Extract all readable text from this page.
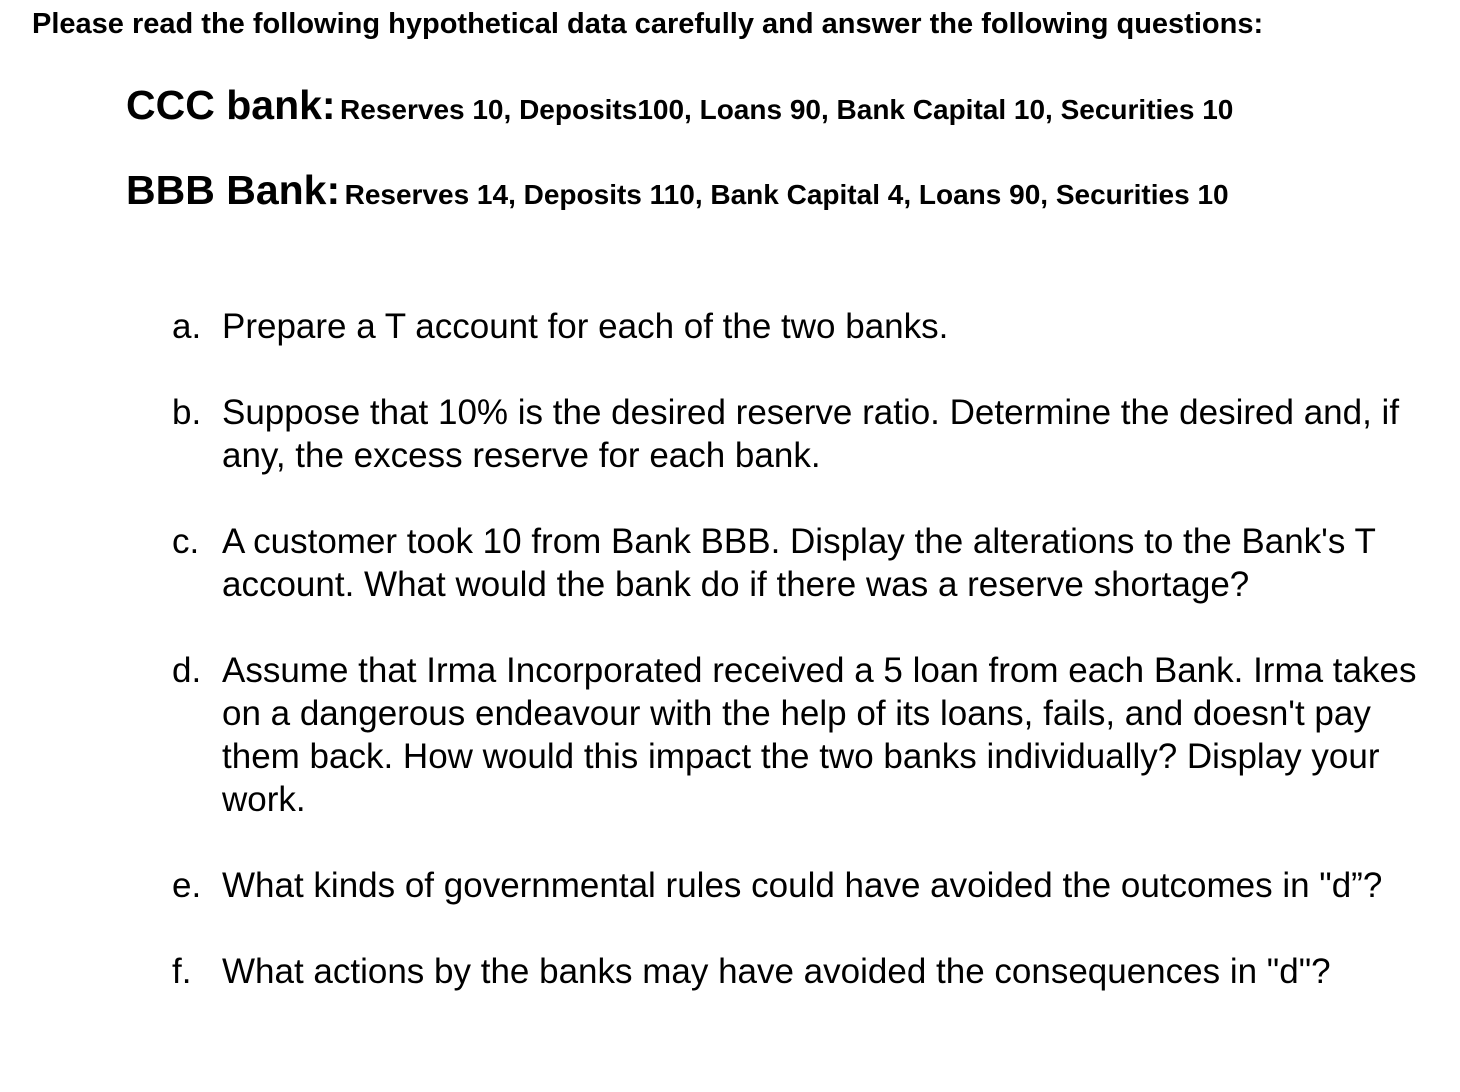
Please read the following hypothetical data carefully and answer the following questions:
CCC bank: Reserves 10, Deposits100, Loans 90, Bank Capital 10, Securities 10
BBB Bank: Reserves 14, Deposits 110, Bank Capital 4, Loans 90, Securities 10
a. Prepare a T account for each of the two banks.
b. Suppose that 10% is the desired reserve ratio. Determine the desired and, if any, the excess reserve for each bank.
c. A customer took 10 from Bank BBB. Display the alterations to the Bank's T account. What would the bank do if there was a reserve shortage?
d. Assume that Irma Incorporated received a 5 loan from each Bank. Irma takes on a dangerous endeavour with the help of its loans, fails, and doesn't pay them back. How would this impact the two banks individually? Display your work.
e. What kinds of governmental rules could have avoided the outcomes in "d”?
f. What actions by the banks may have avoided the consequences in "d"?
